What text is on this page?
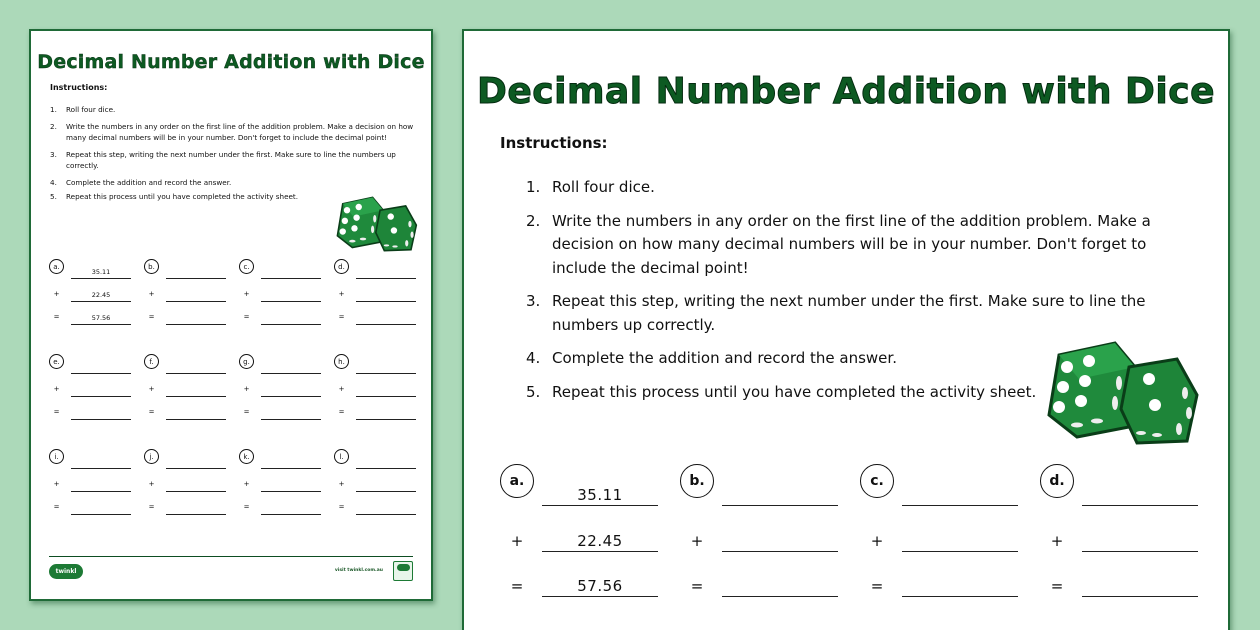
Decimal Number Addition with Dice
Instructions:
1. Roll four dice.
2. Write the numbers in any order on the first line of the addition problem. Make a decision on how many decimal numbers will be in your number. Don't forget to include the decimal point!
3. Repeat this step, writing the next number under the first. Make sure to line the numbers up correctly.
4. Complete the addition and record the answer.
5. Repeat this process until you have completed the activity sheet.
a.
35.11
+	22.45
=	57.56
b.
+
=
c.
+
=
d.
+
=
e.
+
=
f.
+
=
g.
+
=
h.
+
=
i.
+
=
j.
+
=
k.
+
=
l.
+
=
twinkl	visit twinkl.com.au
Decimal Number Addition with Dice
Instructions:
1. Roll four dice.
2. Write the numbers in any order on the first line of the addition problem. Make a decision on how many decimal numbers will be in your number. Don't forget to include the decimal point!
3. Repeat this step, writing the next number under the first. Make sure to line the numbers up correctly.
4. Complete the addition and record the answer.
5. Repeat this process until you have completed the activity sheet.
a.
35.11
+	22.45
=	57.56
b.
+
=
c.
+
=
d.
+
=
